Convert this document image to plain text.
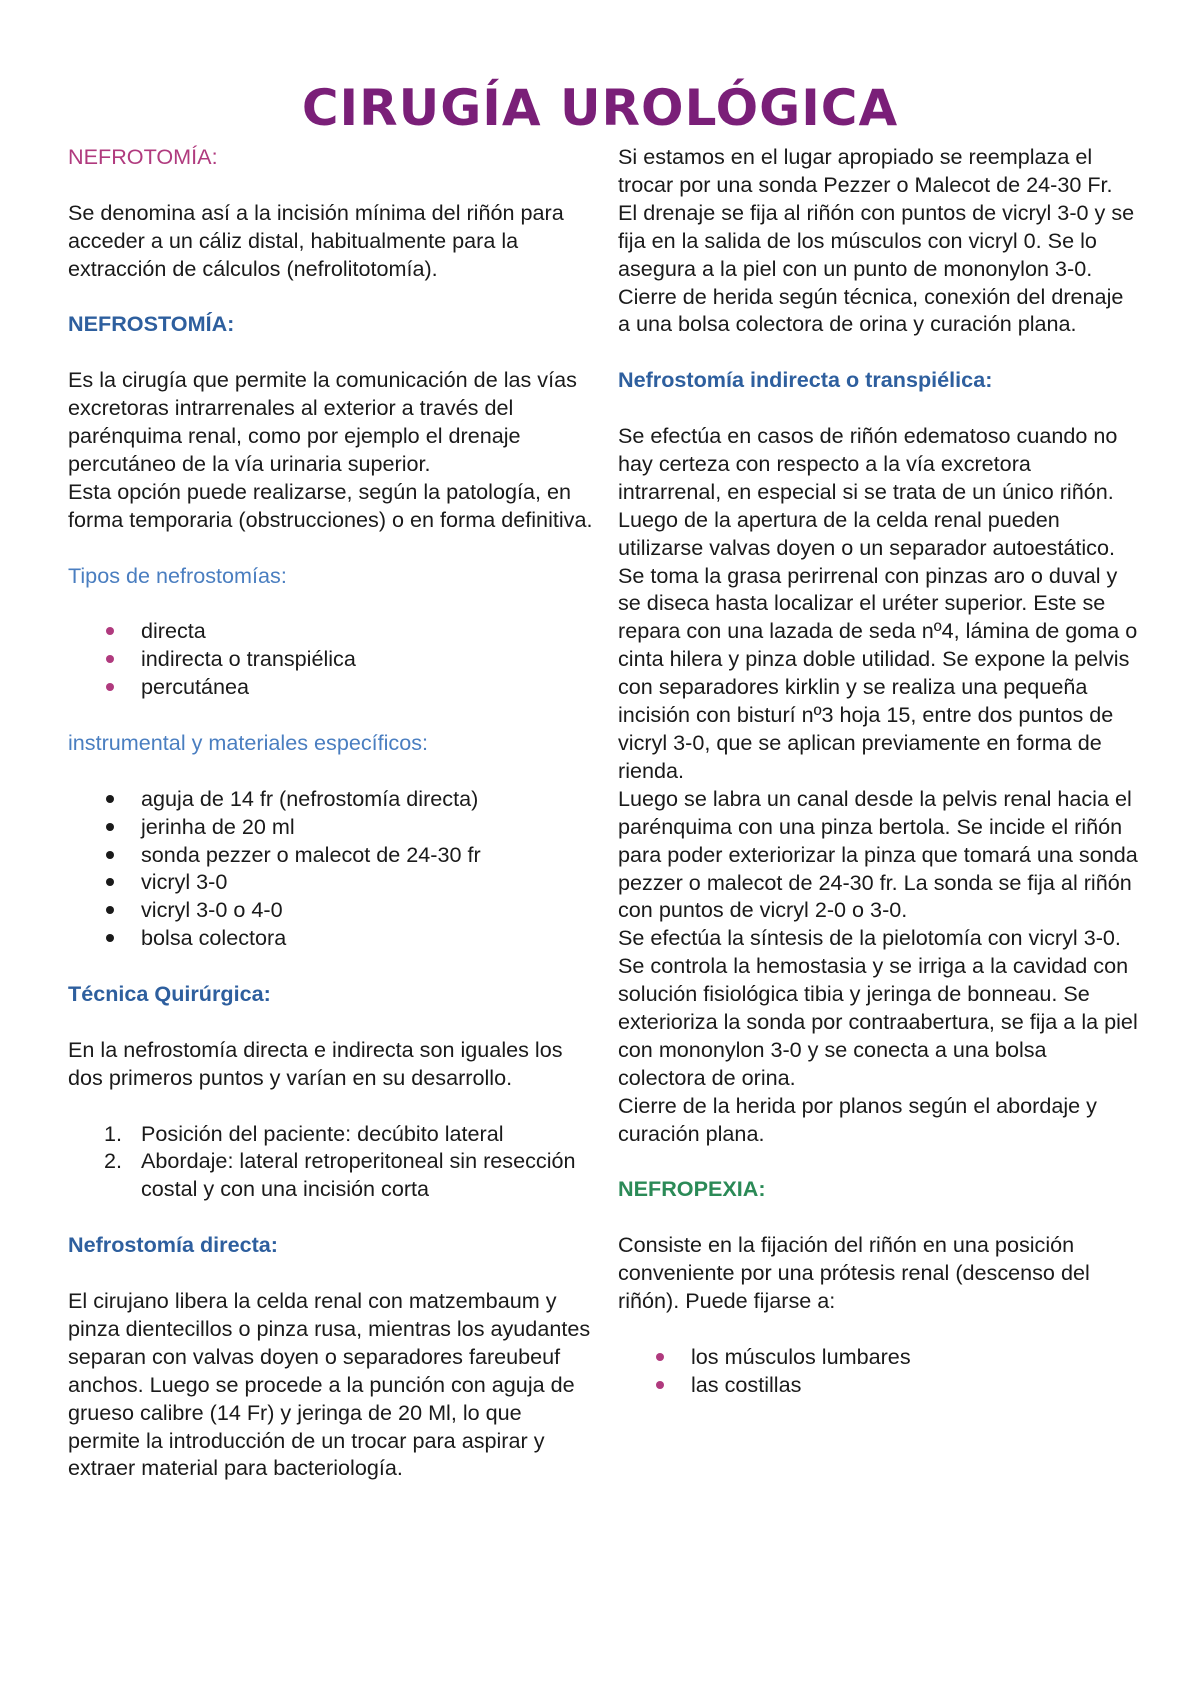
CIRUGÍA UROLÓGICA

NEFROTOMÍA:

Se denomina así a la incisión mínima del riñón para acceder a un cáliz distal, habitualmente para la extracción de cálculos (nefrolitotomía).

NEFROSTOMÍA:

Es la cirugía que permite la comunicación de las vías excretoras intrarrenales al exterior a través del parénquima renal, como por ejemplo el drenaje percutáneo de la vía urinaria superior.

Esta opción puede realizarse, según la patología, en forma temporaria (obstrucciones) o en forma definitiva.

Tipos de nefrostomías:

directa
indirecta o transpiélica
percutánea

instrumental y materiales específicos:

aguja de 14 fr (nefrostomía directa)
jerinha de 20 ml
sonda pezzer o malecot de 24-30 fr
vicryl 3-0
vicryl 3-0 o 4-0
bolsa colectora

Técnica Quirúrgica:

En la nefrostomía directa e indirecta son iguales los dos primeros puntos y varían en su desarrollo.

1. Posición del paciente: decúbito lateral
2. Abordaje: lateral retroperitoneal sin resección costal y con una incisión corta

Nefrostomía directa:

El cirujano libera la celda renal con matzembaum y pinza dientecillos o pinza rusa, mientras los ayudantes separan con valvas doyen o separadores fareubeuf anchos. Luego se procede a la punción con aguja de grueso calibre (14 Fr) y jeringa de 20 Ml, lo que permite la introducción de un trocar para aspirar y extraer material para bacteriología.

Si estamos en el lugar apropiado se reemplaza el trocar por una sonda Pezzer o Malecot de 24-30 Fr.

El drenaje se fija al riñón con puntos de vicryl 3-0 y se fija en la salida de los músculos con vicryl 0. Se lo asegura a la piel con un punto de mononylon 3-0.

Cierre de herida según técnica, conexión del drenaje a una bolsa colectora de orina y curación plana.

Nefrostomía indirecta o transpiélica:

Se efectúa en casos de riñón edematoso cuando no hay certeza con respecto a la vía excretora intrarrenal, en especial si se trata de un único riñón.

Luego de la apertura de la celda renal pueden utilizarse valvas doyen o un separador autoestático. Se toma la grasa perirrenal con pinzas aro o duval y se diseca hasta localizar el uréter superior. Este se repara con una lazada de seda nº4, lámina de goma o cinta hilera y pinza doble utilidad. Se expone la pelvis con separadores kirklin y se realiza una pequeña incisión con bisturí nº3 hoja 15, entre dos puntos de vicryl 3-0, que se aplican previamente en forma de rienda.

Luego se labra un canal desde la pelvis renal hacia el parénquima con una pinza bertola. Se incide el riñón para poder exteriorizar la pinza que tomará una sonda pezzer o malecot de 24-30 fr. La sonda se fija al riñón con puntos de vicryl 2-0 o 3-0.

Se efectúa la síntesis de la pielotomía con vicryl 3-0.

Se controla la hemostasia y se irriga a la cavidad con solución fisiológica tibia y jeringa de bonneau. Se exterioriza la sonda por contraabertura, se fija a la piel con mononylon 3-0 y se conecta a una bolsa colectora de orina.

Cierre de la herida por planos según el abordaje y curación plana.

NEFROPEXIA:

Consiste en la fijación del riñón en una posición conveniente por una prótesis renal (descenso del riñón). Puede fijarse a:

los músculos lumbares
las costillas
